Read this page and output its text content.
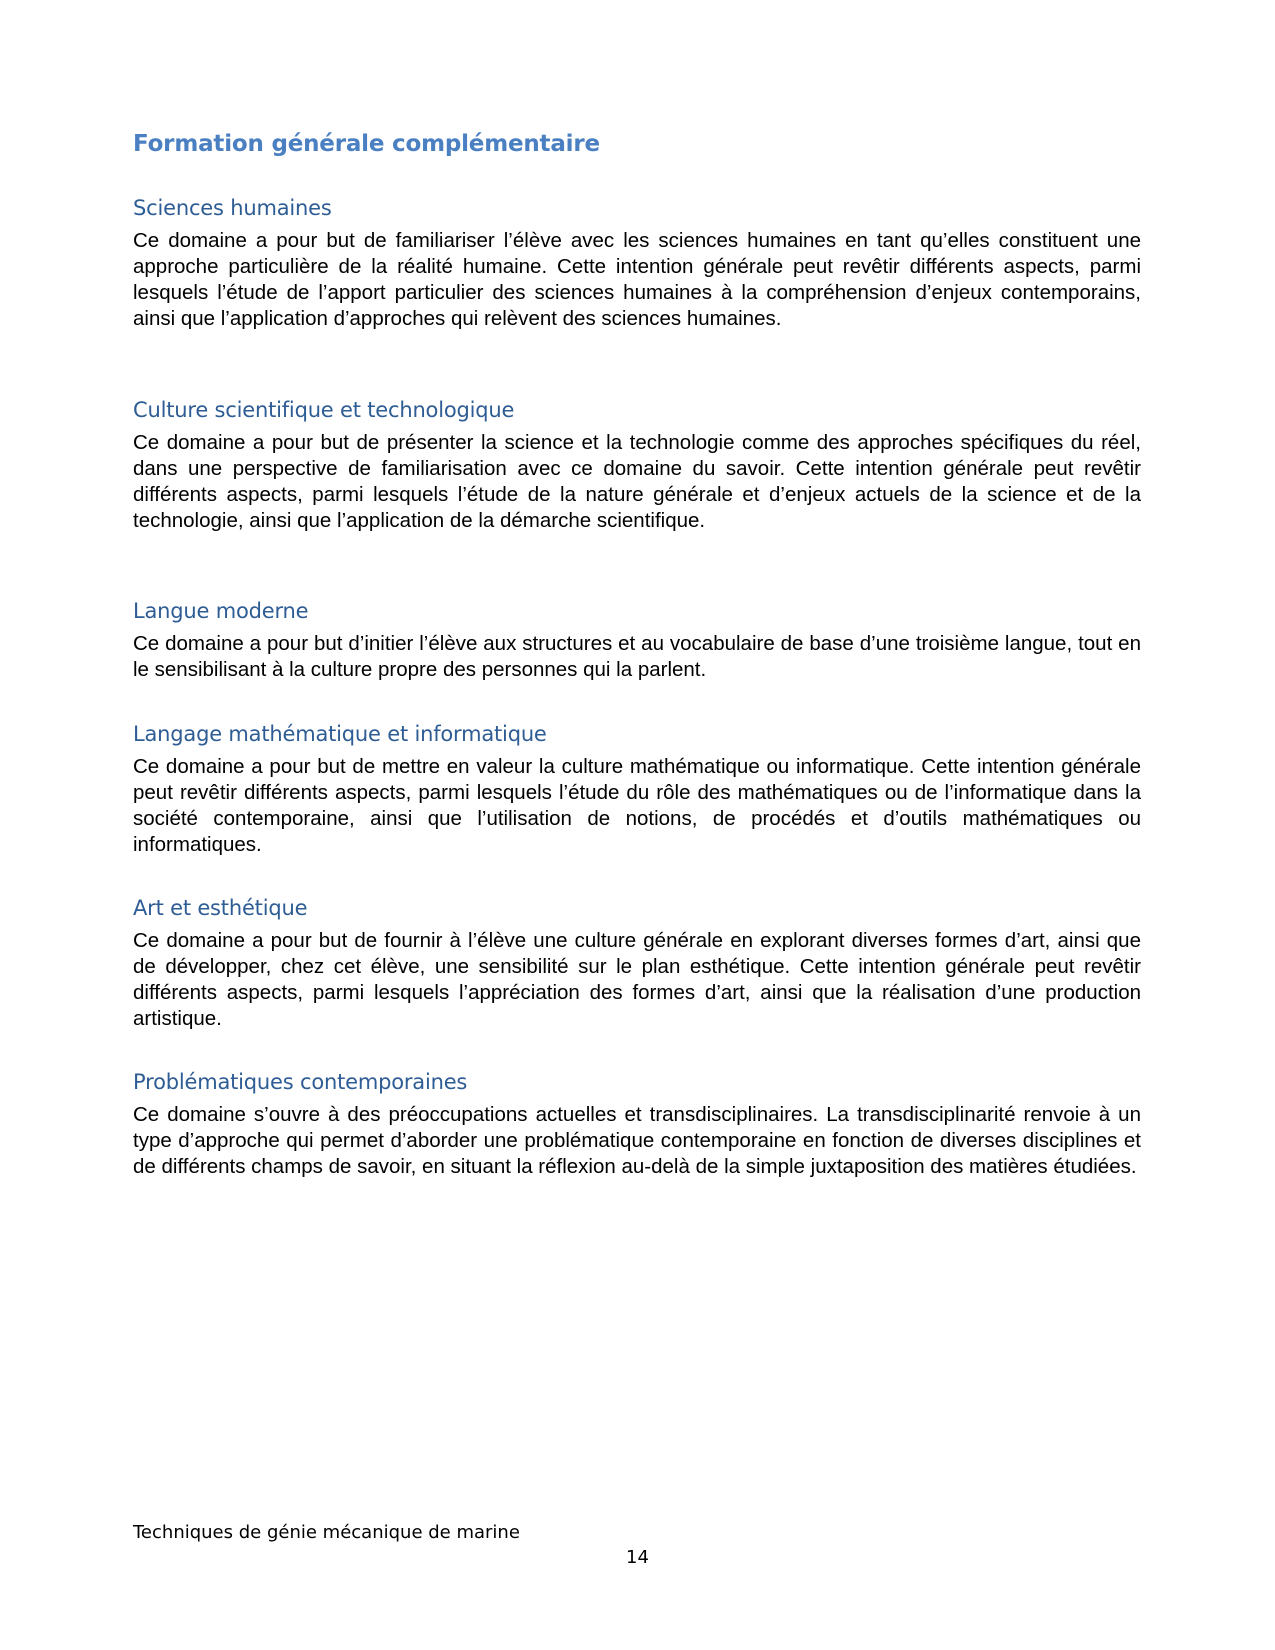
Formation générale complémentaire
Sciences humaines

Ce domaine a pour but de familiariser l’élève avec les sciences humaines en tant qu’elles constituent une approche particulière de la réalité humaine. Cette intention générale peut revêtir différents aspects, parmi lesquels l’étude de l’apport particulier des sciences humaines à la compréhension d’enjeux contemporains, ainsi que l’application d’approches qui relèvent des sciences humaines.

Culture scientifique et technologique

Ce domaine a pour but de présenter la science et la technologie comme des approches spécifiques du réel, dans une perspective de familiarisation avec ce domaine du savoir. Cette intention générale peut revêtir différents aspects, parmi lesquels l’étude de la nature générale et d’enjeux actuels de la science et de la technologie, ainsi que l’application de la démarche scientifique.

Langue moderne

Ce domaine a pour but d’initier l’élève aux structures et au vocabulaire de base d’une troisième langue, tout en le sensibilisant à la culture propre des personnes qui la parlent.

Langage mathématique et informatique

Ce domaine a pour but de mettre en valeur la culture mathématique ou informatique. Cette intention générale peut revêtir différents aspects, parmi lesquels l’étude du rôle des mathématiques ou de l’informatique dans la société contemporaine, ainsi que l’utilisation de notions, de procédés et d’outils mathématiques ou informatiques.

Art et esthétique

Ce domaine a pour but de fournir à l’élève une culture générale en explorant diverses formes d’art, ainsi que de développer, chez cet élève, une sensibilité sur le plan esthétique. Cette intention générale peut revêtir différents aspects, parmi lesquels l’appréciation des formes d’art, ainsi que la réalisation d’une production artistique.

Problématiques contemporaines

Ce domaine s’ouvre à des préoccupations actuelles et transdisciplinaires. La transdisciplinarité renvoie à un type d’approche qui permet d’aborder une problématique contemporaine en fonction de diverses disciplines et de différents champs de savoir, en situant la réflexion au-delà de la simple juxtaposition des matières étudiées.

Techniques de génie mécanique de marine
14
